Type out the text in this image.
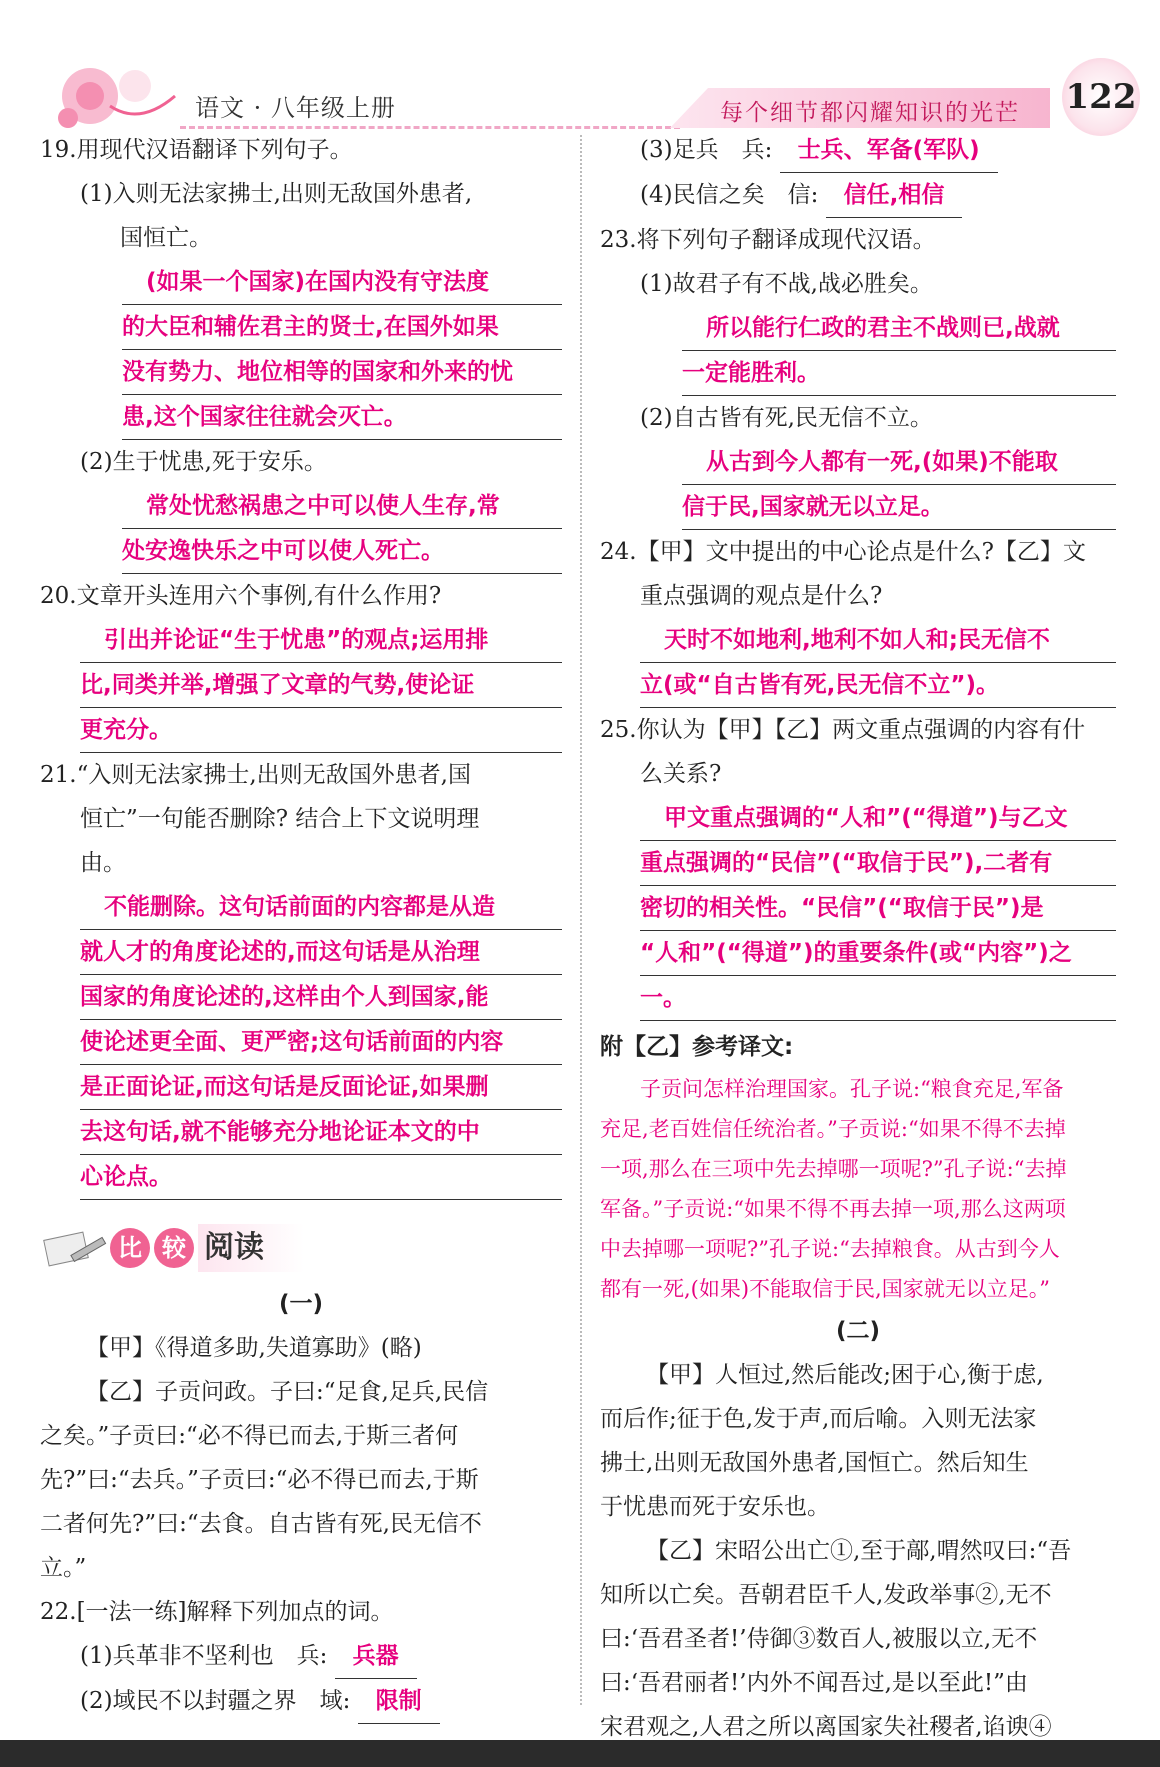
语文 · 八年级上册	每个细节都闪耀知识的光芒 122

19.用现代汉语翻译下列句子。

(1)入则无法家拂士,出则无敌国外患者,

国恒亡。

(如果一个国家)在国内没有守法度
的大臣和辅佐君主的贤士,在国外如果
没有势力、地位相等的国家和外来的忧
患,这个国家往往就会灭亡。

(2)生于忧患,死于安乐。

常处忧愁祸患之中可以使人生存,常
处安逸快乐之中可以使人死亡。

20.文章开头连用六个事例,有什么作用?

引出并论证“生于忧患”的观点;运用排
比,同类并举,增强了文章的气势,使论证
更充分。

21.“入则无法家拂士,出则无敌国外患者,国

恒亡”一句能否删除? 结合上下文说明理

由。

不能删除。这句话前面的内容都是从造
就人才的角度论述的,而这句话是从治理
国家的角度论述的,这样由个人到国家,能
使论述更全面、更严密;这句话前面的内容
是正面论证,而这句话是反面论证,如果删
去这句话,就不能够充分地论证本文的中
心论点。
比 较 阅读

(一)

【甲】《得道多助,失道寡助》(略)

【乙】子贡问政。子曰:“足食,足兵,民信

之矣。”子贡曰:“必不得已而去,于斯三者何

先?”曰:“去兵。”子贡曰:“必不得已而去,于斯

二者何先?”曰:“去食。自古皆有死,民无信不

立。”

22.[一法一练]解释下列加点的词。

(1)兵革非不坚利也　兵: 兵器

(2)域民不以封疆之界　域: 限制

(3)足兵　兵: 士兵、军备(军队)

(4)民信之矣　信: 信任,相信

23.将下列句子翻译成现代汉语。

(1)故君子有不战,战必胜矣。

所以能行仁政的君主不战则已,战就
一定能胜利。

(2)自古皆有死,民无信不立。

从古到今人都有一死,(如果)不能取
信于民,国家就无以立足。

24.【甲】文中提出的中心论点是什么?【乙】文

重点强调的观点是什么?

天时不如地利,地利不如人和;民无信不
立(或“自古皆有死,民无信不立”)。

25.你认为【甲】【乙】两文重点强调的内容有什

么关系?

甲文重点强调的“人和”(“得道”)与乙文
重点强调的“民信”(“取信于民”),二者有
密切的相关性。“民信”(“取信于民”)是
“人和”(“得道”)的重要条件(或“内容”)之
一。

附【乙】参考译文:

子贡问怎样治理国家。孔子说:“粮食充足,军备

充足,老百姓信任统治者。”子贡说:“如果不得不去掉

一项,那么在三项中先去掉哪一项呢?”孔子说:“去掉

军备。”子贡说:“如果不得不再去掉一项,那么这两项

中去掉哪一项呢?”孔子说:“去掉粮食。从古到今人

都有一死,(如果)不能取信于民,国家就无以立足。”

(二)

【甲】人恒过,然后能改;困于心,衡于虑,

而后作;征于色,发于声,而后喻。入则无法家

拂士,出则无敌国外患者,国恒亡。然后知生

于忧患而死于安乐也。

【乙】宋昭公出亡①,至于鄗,喟然叹曰:“吾

知所以亡矣。吾朝君臣千人,发政举事②,无不

曰:‘吾君圣者!’侍御③数百人,被服以立,无不

曰:‘吾君丽者!’内外不闻吾过,是以至此!”由

宋君观之,人君之所以离国家失社稷者,谄谀④
